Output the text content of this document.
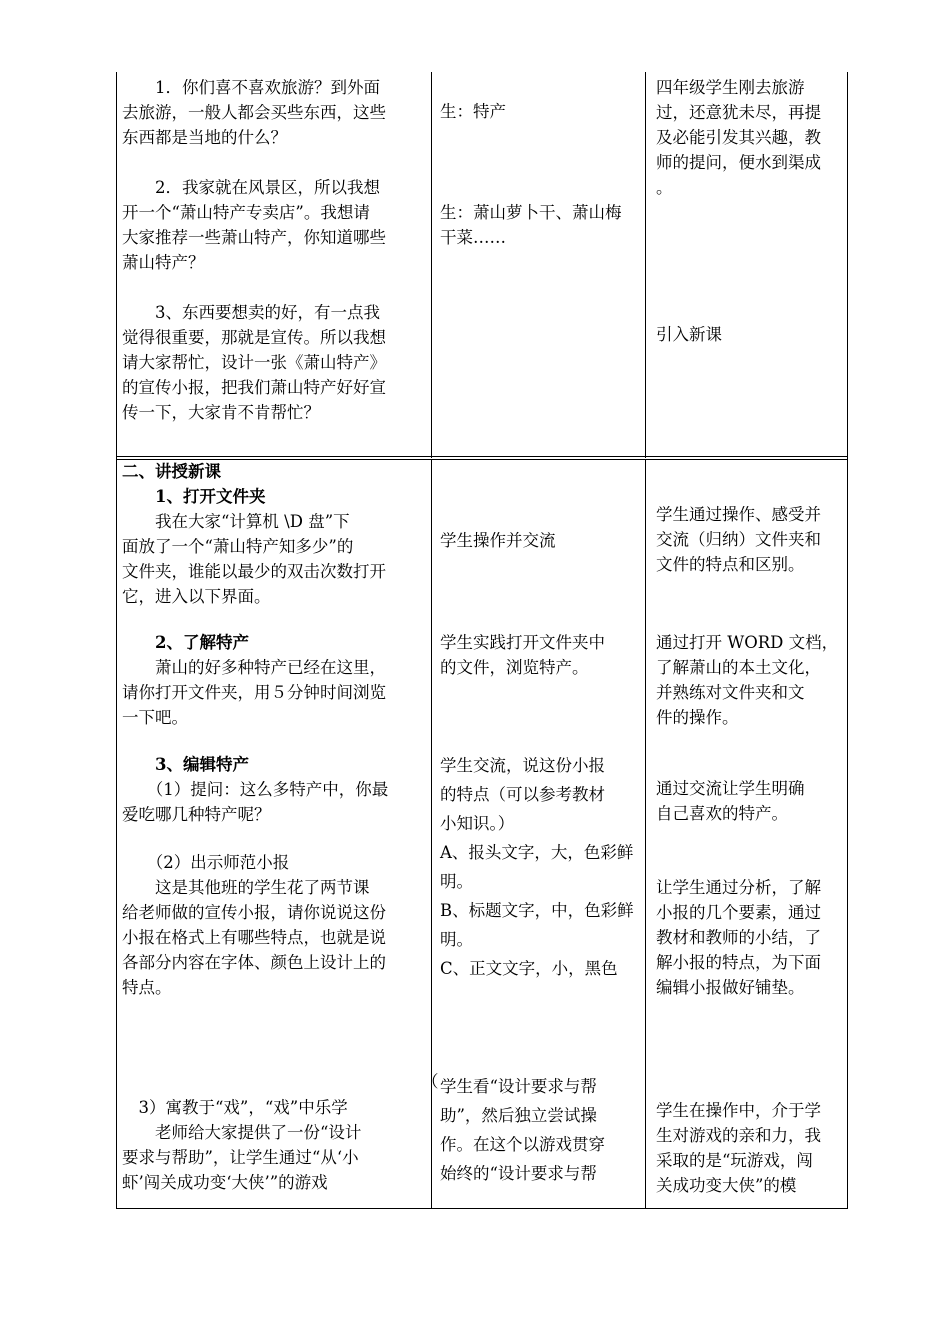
　　1．你们喜不喜欢旅游？到外面
去旅游，一般人都会买些东西，这些
东西都是当地的什么？
　　2．我家就在风景区，所以我想
开一个“萧山特产专卖店”。我想请
大家推荐一些萧山特产，你知道哪些
萧山特产？
　　3、东西要想卖的好，有一点我
觉得很重要，那就是宣传。所以我想
请大家帮忙，设计一张《萧山特产》
的宣传小报，把我们萧山特产好好宣
传一下，大家肯不肯帮忙？
生：特产
生：萧山萝卜干、萧山梅
干菜……
四年级学生刚去旅游
过，还意犹未尽，再提
及必能引发其兴趣，教
师的提问，便水到渠成
。
引入新课
二、讲授新课
　　1、打开文件夹
　　我在大家“计算机 \D 盘”下
面放了一个“萧山特产知多少”的
文件夹，谁能以最少的双击次数打开
它，进入以下界面。
　　2、了解特产
　　萧山的好多种特产已经在这里，
请你打开文件夹，用５分钟时间浏览
一下吧。
　　3、编辑特产
　　（1）提问：这么多特产中，你最
爱吃哪几种特产呢？
　　（2）出示师范小报
　　这是其他班的学生花了两节课
给老师做的宣传小报，请你说说这份
小报在格式上有哪些特点，也就是说
各部分内容在字体、颜色上设计上的
特点。
　3）寓教于“戏”，“戏”中乐学
　　老师给大家提供了一份“设计
要求与帮助”，让学生通过“从‘小
虾’闯关成功变‘大侠’”的游戏
学生操作并交流
学生实践打开文件夹中
的文件，浏览特产。
学生交流，说这份小报
的特点（可以参考教材
小知识。）
A、报头文字，大，色彩鲜
明。
B、标题文字，中，色彩鲜
明。
C、正文文字，小，黑色
（ 学生看“设计要求与帮
助”，然后独立尝试操
作。在这个以游戏贯穿
始终的“设计要求与帮
学生通过操作、感受并
交流（归纳）文件夹和
文件的特点和区别。
通过打开 WORD 文档，
了解萧山的本土文化，
并熟练对文件夹和文
件的操作。
通过交流让学生明确
自己喜欢的特产。
让学生通过分析，了解
小报的几个要素，通过
教材和教师的小结，了
解小报的特点，为下面
编辑小报做好铺垫。
学生在操作中，介于学
生对游戏的亲和力，我
采取的是“玩游戏，闯
关成功变大侠”的模
